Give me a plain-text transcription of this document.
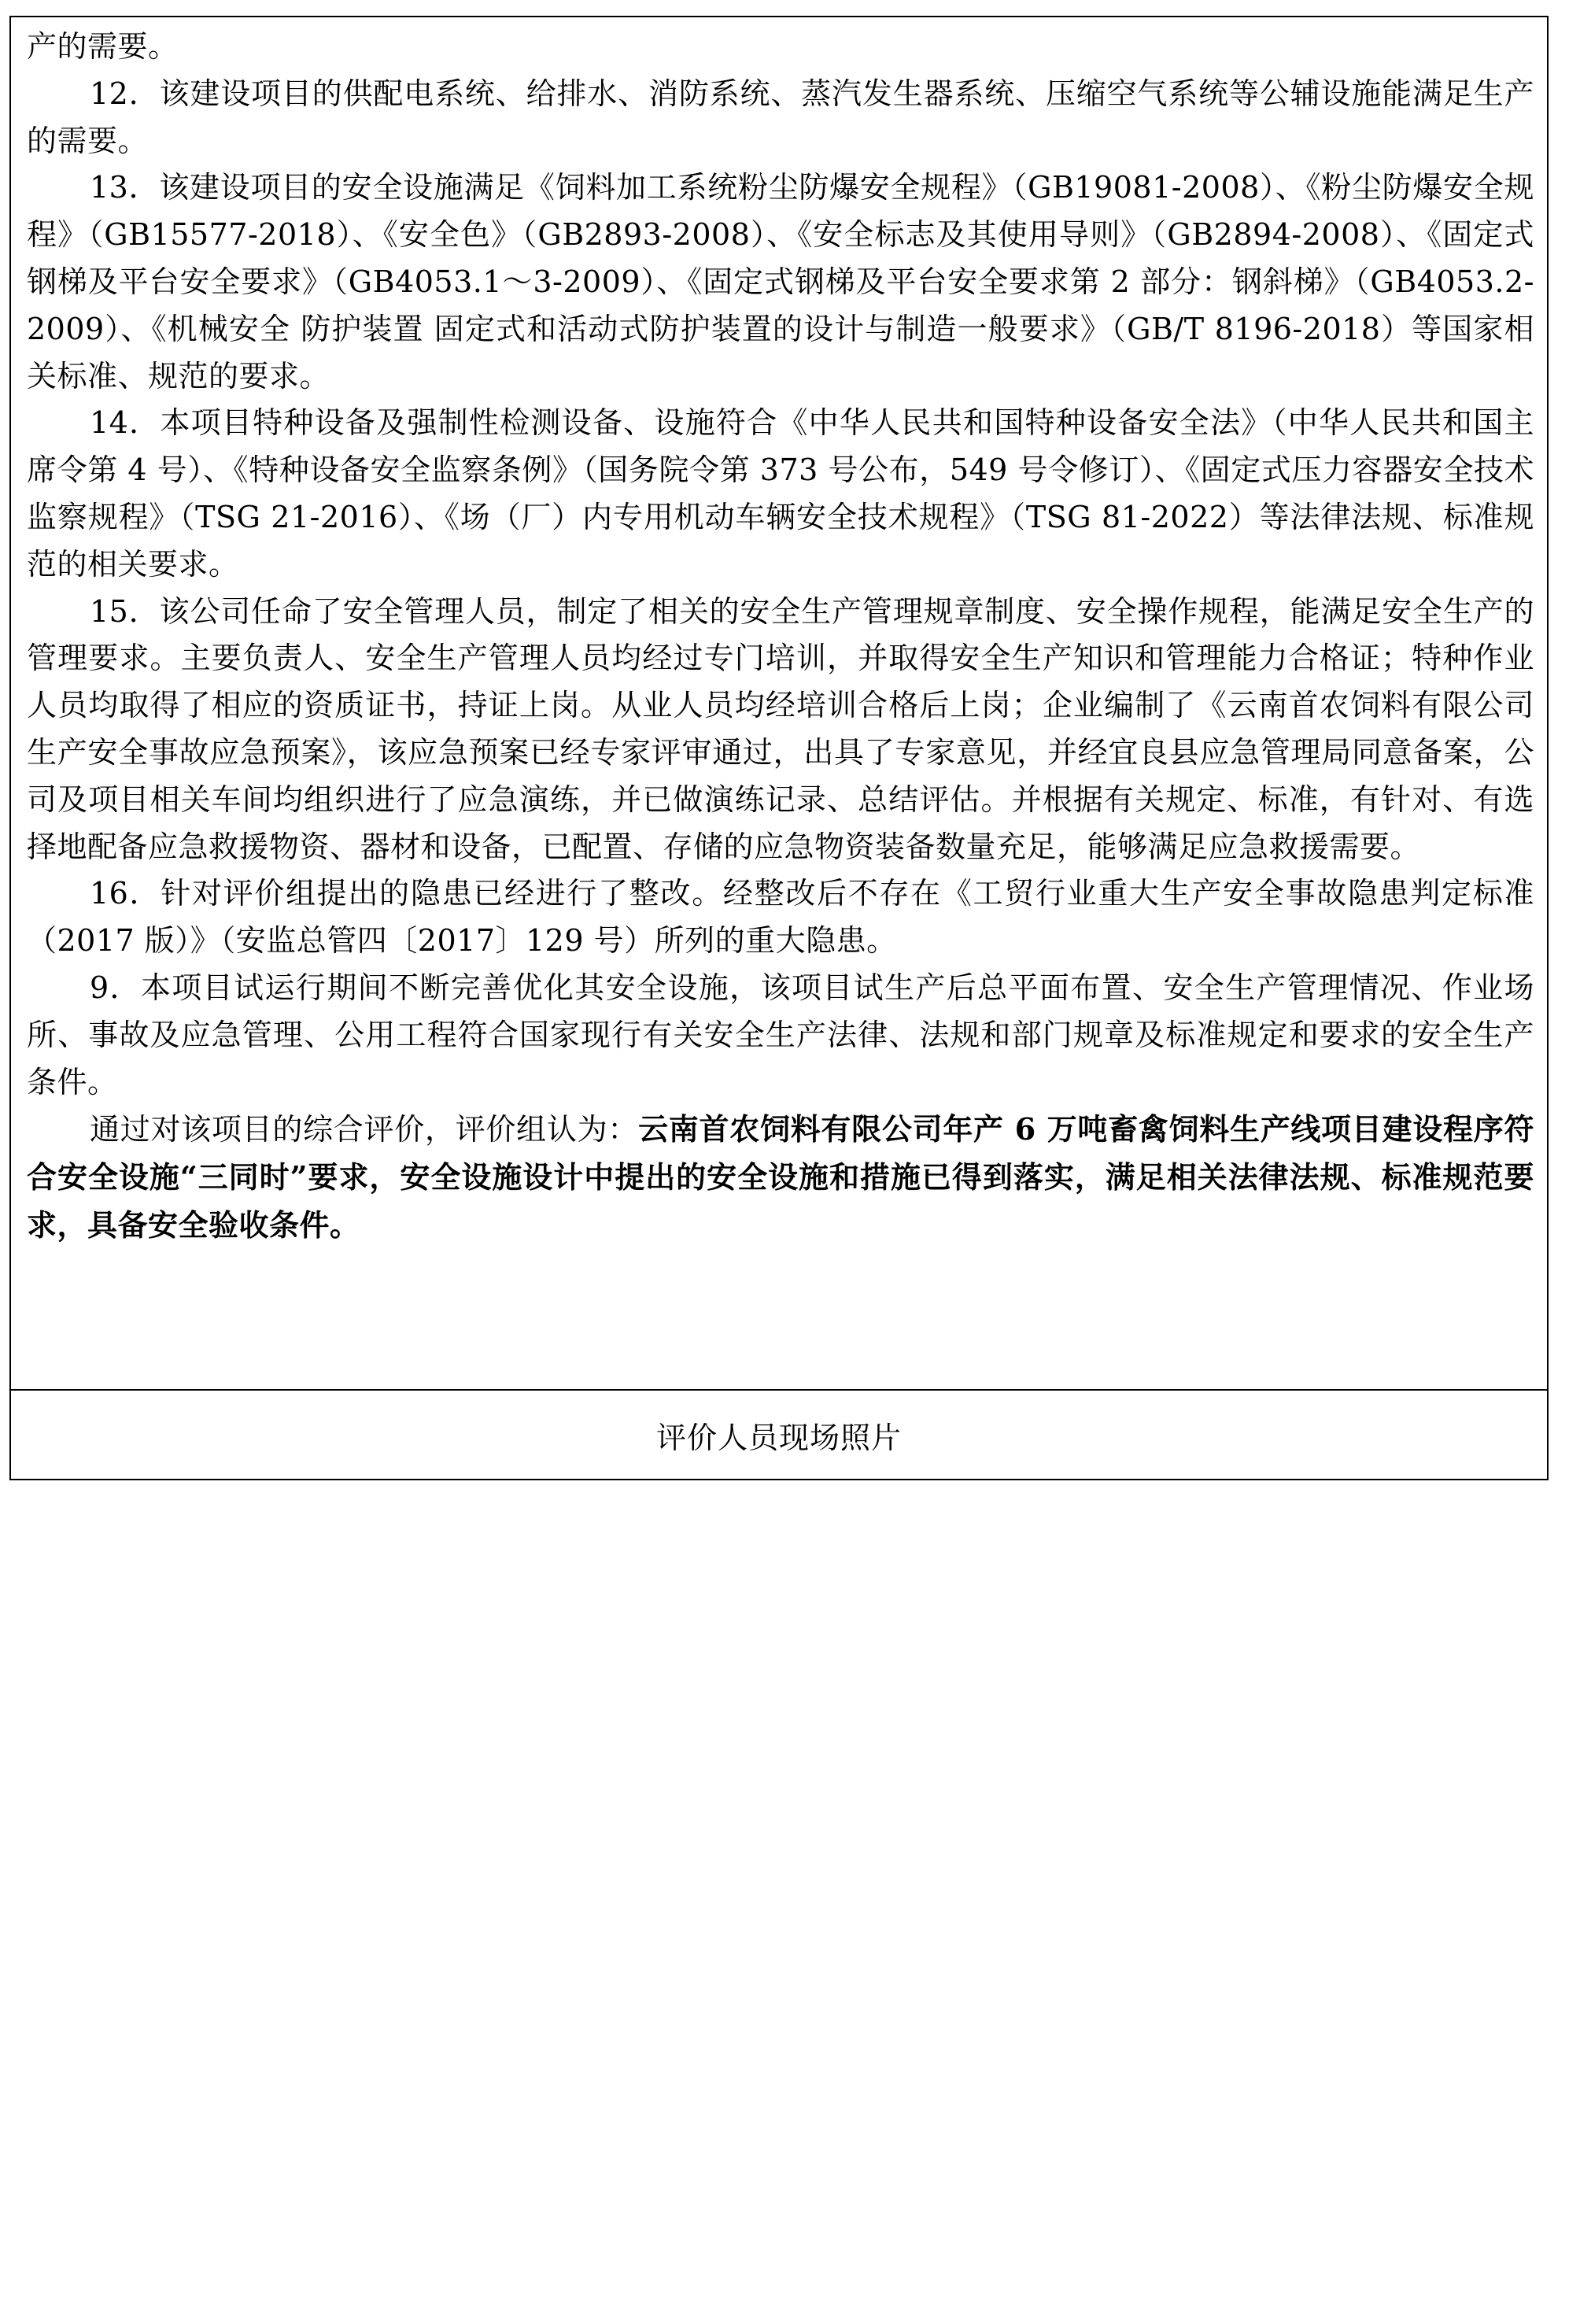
产的需要。

12．该建设项目的供配电系统、给排水、消防系统、蒸汽发生器系统、压缩空气系统等公辅设施能满足生产的需要。

13．该建设项目的安全设施满足《饲料加工系统粉尘防爆安全规程》（GB19081-2008）、《粉尘防爆安全规程》（GB15577-2018）、《安全色》（GB2893-2008）、《安全标志及其使用导则》（GB2894-2008）、《固定式钢梯及平台安全要求》（GB4053.1～3-2009）、《固定式钢梯及平台安全要求第 2 部分：钢斜梯》（GB4053.2-2009）、《机械安全 防护装置 固定式和活动式防护装置的设计与制造一般要求》（GB/T 8196-2018）等国家相关标准、规范的要求。

14．本项目特种设备及强制性检测设备、设施符合《中华人民共和国特种设备安全法》（中华人民共和国主席令第 4 号）、《特种设备安全监察条例》（国务院令第 373 号公布，549 号令修订）、《固定式压力容器安全技术监察规程》（TSG 21-2016）、《场（厂）内专用机动车辆安全技术规程》（TSG 81-2022）等法律法规、标准规范的相关要求。

15．该公司任命了安全管理人员，制定了相关的安全生产管理规章制度、安全操作规程，能满足安全生产的管理要求。主要负责人、安全生产管理人员均经过专门培训，并取得安全生产知识和管理能力合格证；特种作业人员均取得了相应的资质证书，持证上岗。从业人员均经培训合格后上岗；企业编制了《云南首农饲料有限公司生产安全事故应急预案》，该应急预案已经专家评审通过，出具了专家意见，并经宜良县应急管理局同意备案，公司及项目相关车间均组织进行了应急演练，并已做演练记录、总结评估。并根据有关规定、标准，有针对、有选择地配备应急救援物资、器材和设备，已配置、存储的应急物资装备数量充足，能够满足应急救援需要。

16．针对评价组提出的隐患已经进行了整改。经整改后不存在《工贸行业重大生产安全事故隐患判定标准（2017 版）》（安监总管四〔2017〕129 号）所列的重大隐患。

9．本项目试运行期间不断完善优化其安全设施，该项目试生产后总平面布置、安全生产管理情况、作业场所、事故及应急管理、公用工程符合国家现行有关安全生产法律、法规和部门规章及标准规定和要求的安全生产条件。

通过对该项目的综合评价，评价组认为：云南首农饲料有限公司年产 6 万吨畜禽饲料生产线项目建设程序符合安全设施“三同时”要求，安全设施设计中提出的安全设施和措施已得到落实，满足相关法律法规、标准规范要求，具备安全验收条件。

评价人员现场照片
